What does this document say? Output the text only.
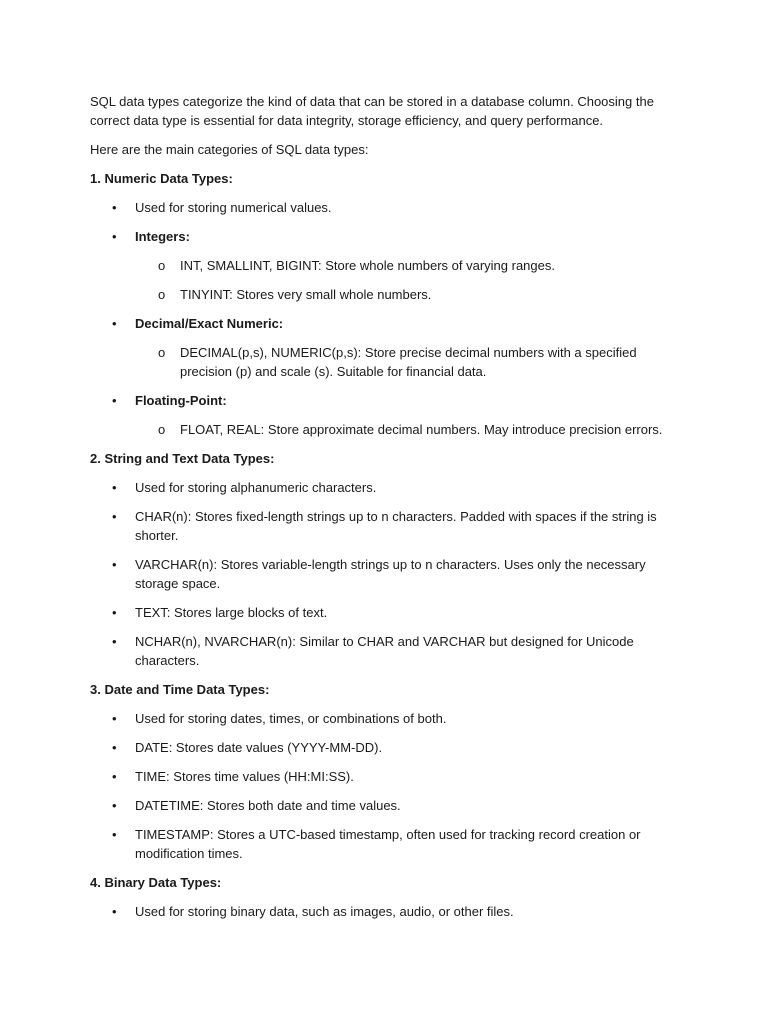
SQL data types categorize the kind of data that can be stored in a database column. Choosing the correct data type is essential for data integrity, storage efficiency, and query performance.

Here are the main categories of SQL data types:

1. Numeric Data Types:

• Used for storing numerical values.
• Integers:
o INT, SMALLINT, BIGINT: Store whole numbers of varying ranges.
o TINYINT: Stores very small whole numbers.
• Decimal/Exact Numeric:
o DECIMAL(p,s), NUMERIC(p,s): Store precise decimal numbers with a specified precision (p) and scale (s). Suitable for financial data.
• Floating-Point:
o FLOAT, REAL: Store approximate decimal numbers. May introduce precision errors.

2. String and Text Data Types:

• Used for storing alphanumeric characters.
• CHAR(n): Stores fixed-length strings up to n characters. Padded with spaces if the string is shorter.
• VARCHAR(n): Stores variable-length strings up to n characters. Uses only the necessary storage space.
• TEXT: Stores large blocks of text.
• NCHAR(n), NVARCHAR(n): Similar to CHAR and VARCHAR but designed for Unicode characters.

3. Date and Time Data Types:

• Used for storing dates, times, or combinations of both.
• DATE: Stores date values (YYYY-MM-DD).
• TIME: Stores time values (HH:MI:SS).
• DATETIME: Stores both date and time values.
• TIMESTAMP: Stores a UTC-based timestamp, often used for tracking record creation or modification times.

4. Binary Data Types:

• Used for storing binary data, such as images, audio, or other files.
